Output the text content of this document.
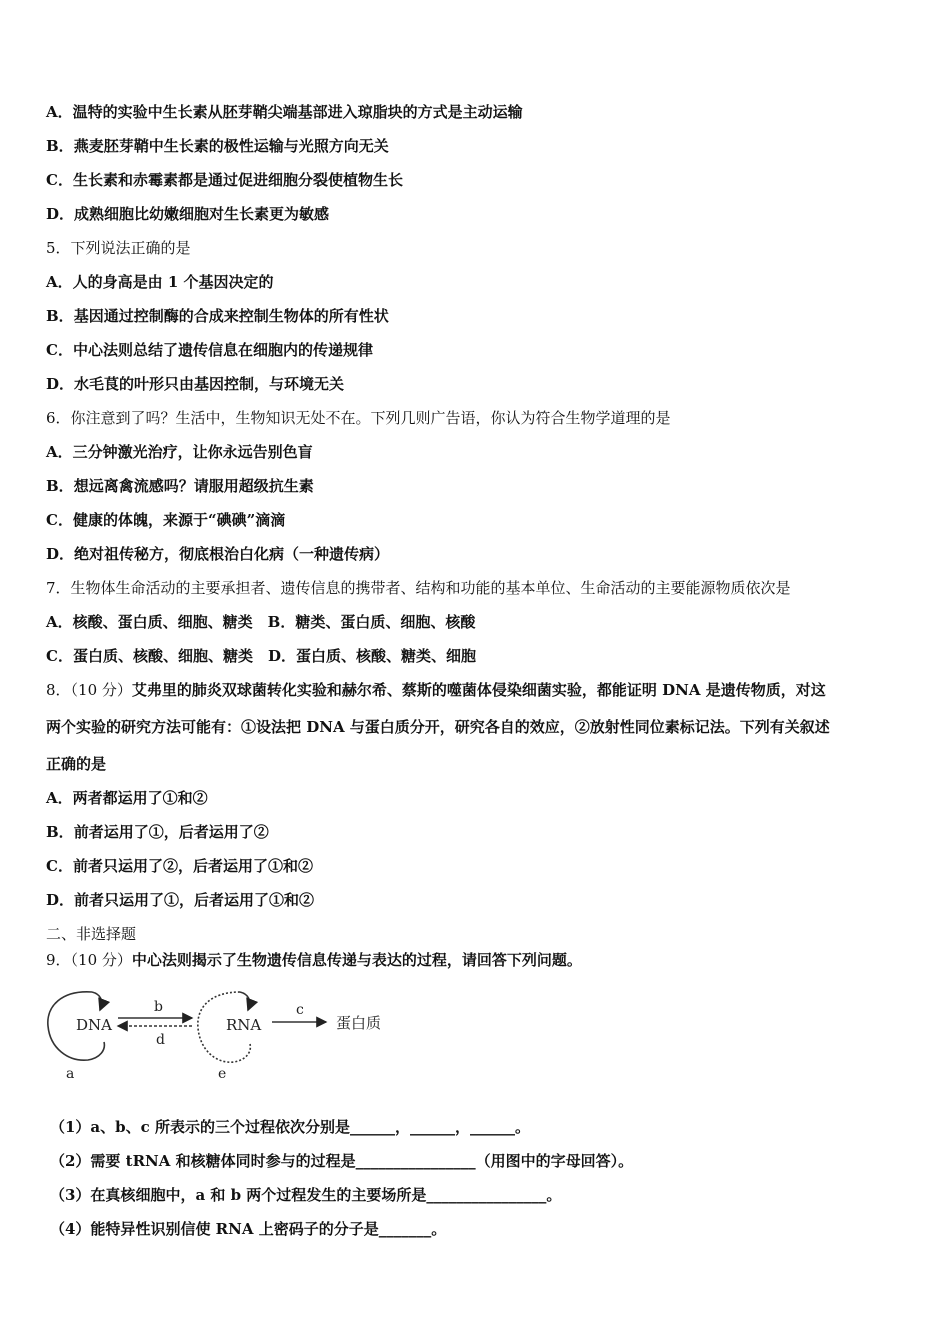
A．温特的实验中生长素从胚芽鞘尖端基部进入琼脂块的方式是主动运输
B．燕麦胚芽鞘中生长素的极性运输与光照方向无关
C．生长素和赤霉素都是通过促进细胞分裂使植物生长
D．成熟细胞比幼嫩细胞对生长素更为敏感
5．下列说法正确的是
A．人的身高是由 1 个基因决定的
B．基因通过控制酶的合成来控制生物体的所有性状
C．中心法则总结了遗传信息在细胞内的传递规律
D．水毛茛的叶形只由基因控制，与环境无关
6．你注意到了吗？生活中，生物知识无处不在。下列几则广告语，你认为符合生物学道理的是
A．三分钟激光治疗，让你永远告别色盲
B．想远离禽流感吗？请服用超级抗生素
C．健康的体魄，来源于“碘碘”滴滴
D．绝对祖传秘方，彻底根治白化病（一种遗传病）
7．生物体生命活动的主要承担者、遗传信息的携带者、结构和功能的基本单位、生命活动的主要能源物质依次是
A．核酸、蛋白质、细胞、糖类　B．糖类、蛋白质、细胞、核酸
C．蛋白质、核酸、细胞、糖类　D．蛋白质、核酸、糖类、细胞
8．（10 分）艾弗里的肺炎双球菌转化实验和赫尔希、蔡斯的噬菌体侵染细菌实验，都能证明 DNA 是遗传物质，对这
两个实验的研究方法可能有：①设法把 DNA 与蛋白质分开，研究各自的效应，②放射性同位素标记法。下列有关叙述
正确的是
A．两者都运用了①和②
B．前者运用了①，后者运用了②
C．前者只运用了②，后者运用了①和②
D．前者只运用了①，后者运用了①和②
二、非选择题
9．（10 分）中心法则揭示了生物遗传信息传递与表达的过程，请回答下列问题。
DNA
a
b
d
RNA
e
c
蛋白质
（1）a、b、c 所表示的三个过程依次分别是______，______，______。
（2）需要 tRNA 和核糖体同时参与的过程是________________（用图中的字母回答）。
（3）在真核细胞中，a 和 b 两个过程发生的主要场所是________________。
（4）能特异性识别信使 RNA 上密码子的分子是_______。
